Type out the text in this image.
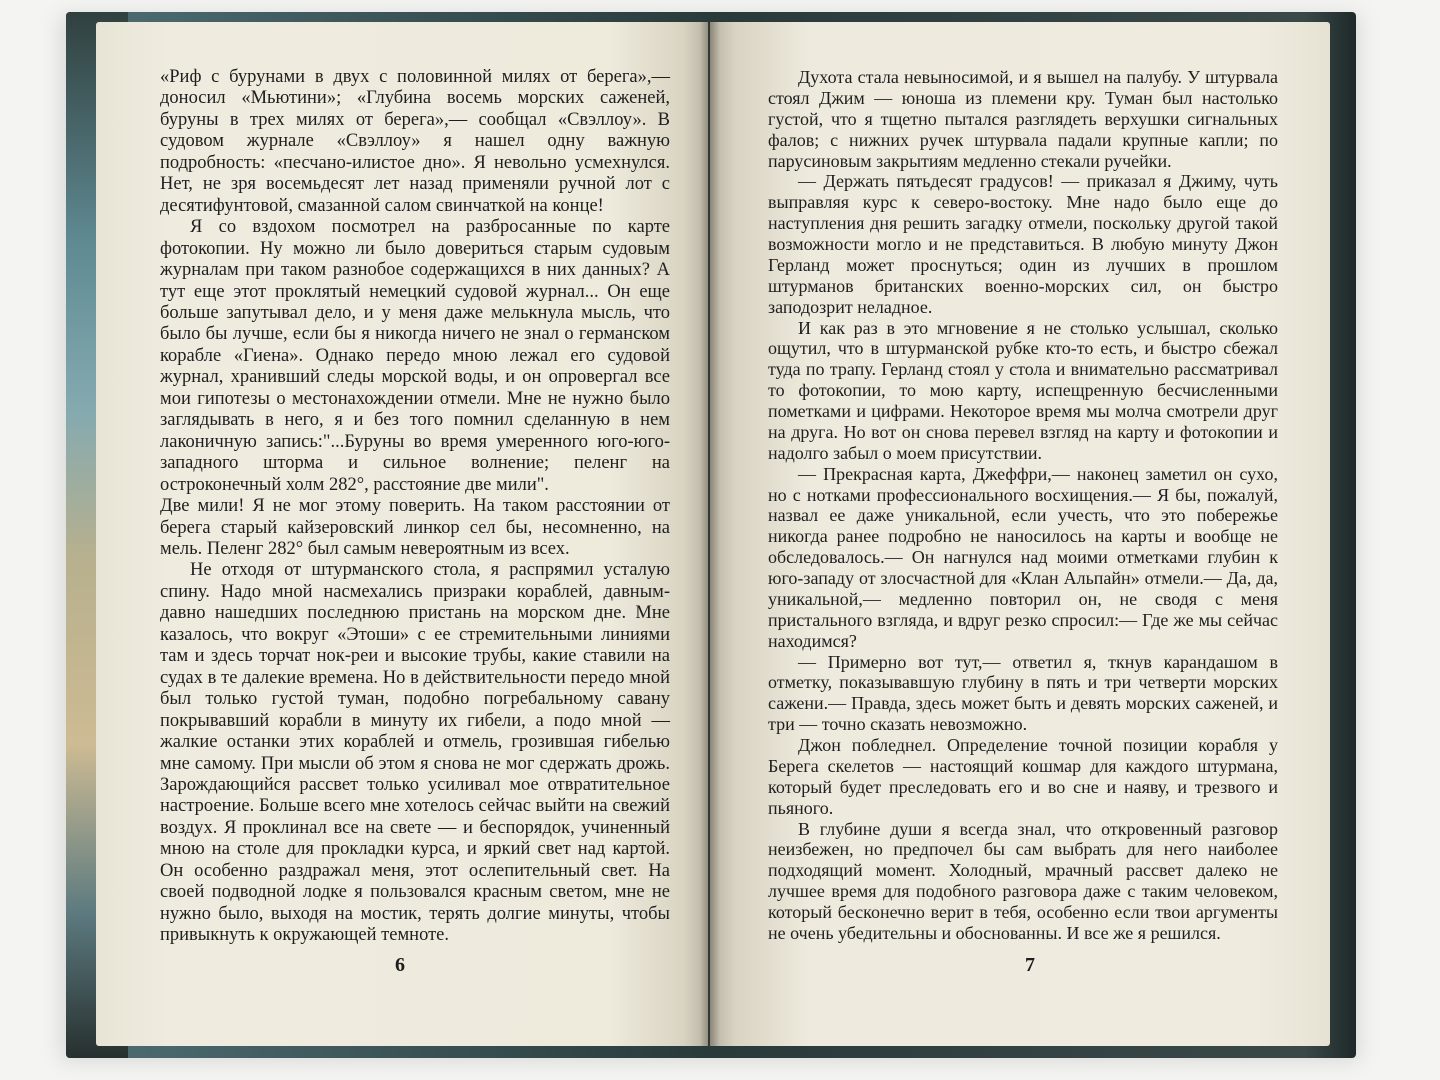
«Риф с бурунами в двух с половинной милях от берега»,— доносил «Мьютини»; «Глубина восемь морских саженей, буруны в трех милях от берега»,— сообщал «Свэллоу». В судовом журнале «Свэллоу» я нашел одну важную подробность: «песчано-илистое дно». Я невольно усмехнулся. Нет, не зря восемьдесят лет назад применяли ручной лот с десятифунтовой, смазанной салом свинчаткой на конце!

Я со вздохом посмотрел на разбросанные по карте фотокопии. Ну можно ли было довериться старым судовым журналам при таком разнобое содержащихся в них данных? А тут еще этот проклятый немецкий судовой журнал... Он еще больше запутывал дело, и у меня даже мелькнула мысль, что было бы лучше, если бы я никогда ничего не знал о германском корабле «Гиена». Однако передо мною лежал его судовой журнал, хранивший следы морской воды, и он опровергал все мои гипотезы о местонахождении отмели. Мне не нужно было заглядывать в него, я и без того помнил сделанную в нем лаконичную запись:"...Буруны во время умеренного юго-юго-западного шторма и сильное волнение; пеленг на остроконечный холм 282°, расстояние две мили".

Две мили! Я не мог этому поверить. На таком расстоянии от берега старый кайзеровский линкор сел бы, несомненно, на мель. Пеленг 282° был самым невероятным из всех.

Не отходя от штурманского стола, я распрямил усталую спину. Надо мной насмехались призраки кораблей, давным-давно нашедших последнюю пристань на морском дне. Мне казалось, что вокруг «Этоши» с ее стремительными линиями там и здесь торчат нок-реи и высокие трубы, какие ставили на судах в те далекие времена. Но в действительности передо мной был только густой туман, подобно погребальному савану покрывавший корабли в минуту их гибели, а подо мной — жалкие останки этих кораблей и отмель, грозившая гибелью мне самому. При мысли об этом я снова не мог сдержать дрожь. Зарождающийся рассвет только усиливал мое отвратительное настроение. Больше всего мне хотелось сейчас выйти на свежий воздух. Я проклинал все на свете — и беспорядок, учиненный мною на столе для прокладки курса, и яркий свет над картой. Он особенно раздражал меня, этот ослепительный свет. На своей подводной лодке я пользовался красным светом, мне не нужно было, выходя на мостик, терять долгие минуты, чтобы привыкнуть к окружающей темноте.

6

Духота стала невыносимой, и я вышел на палубу. У штурвала стоял Джим — юноша из племени кру. Туман был настолько густой, что я тщетно пытался разглядеть верхушки сигнальных фалов; с нижних ручек штурвала падали крупные капли; по парусиновым закрытиям медленно стекали ручейки.

— Держать пятьдесят градусов! — приказал я Джиму, чуть выправляя курс к северо-востоку. Мне надо было еще до наступления дня решить загадку отмели, поскольку другой такой возможности могло и не представиться. В любую минуту Джон Герланд может проснуться; один из лучших в прошлом штурманов британских военно-морских сил, он быстро заподозрит неладное.

И как раз в это мгновение я не столько услышал, сколько ощутил, что в штурманской рубке кто-то есть, и быстро сбежал туда по трапу. Герланд стоял у стола и внимательно рассматривал то фотокопии, то мою карту, испещренную бесчисленными пометками и цифрами. Некоторое время мы молча смотрели друг на друга. Но вот он снова перевел взгляд на карту и фотокопии и надолго забыл о моем присутствии.

— Прекрасная карта, Джеффри,— наконец заметил он сухо, но с нотками профессионального восхищения.— Я бы, пожалуй, назвал ее даже уникальной, если учесть, что это побережье никогда ранее подробно не наносилось на карты и вообще не обследовалось.— Он нагнулся над моими отметками глубин к юго-западу от злосчастной для «Клан Альпайн» отмели.— Да, да, уникальной,— медленно повторил он, не сводя с меня пристального взгляда, и вдруг резко спросил:— Где же мы сейчас находимся?

— Примерно вот тут,— ответил я, ткнув карандашом в отметку, показывавшую глубину в пять и три четверти морских сажени.— Правда, здесь может быть и девять морских саженей, и три — точно сказать невозможно.

Джон побледнел. Определение точной позиции корабля у Берега скелетов — настоящий кошмар для каждого штурмана, который будет преследовать его и во сне и наяву, и трезвого и пьяного.

В глубине души я всегда знал, что откровенный разговор неизбежен, но предпочел бы сам выбрать для него наиболее подходящий момент. Холодный, мрачный рассвет далеко не лучшее время для подобного разговора даже с таким человеком, который бесконечно верит в тебя, особенно если твои аргументы не очень убедительны и обоснованны. И все же я решился.

7
